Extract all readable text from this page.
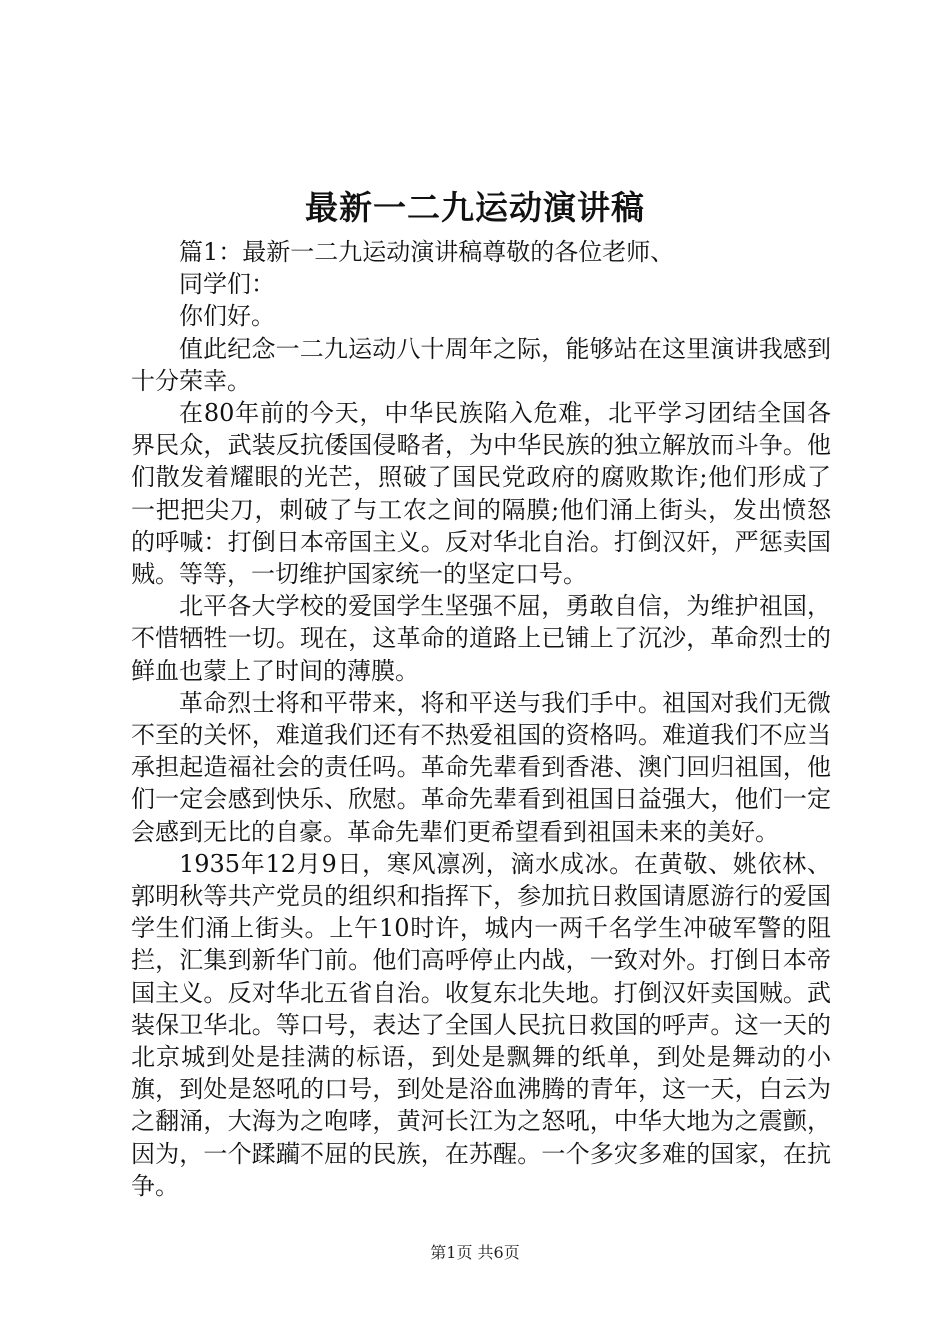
最新一二九运动演讲稿

篇1：最新一二九运动演讲稿尊敬的各位老师、

同学们：

你们好。

值此纪念一二九运动八十周年之际，能够站在这里演讲我感到十分荣幸。

在80年前的今天，中华民族陷入危难，北平学习团结全国各界民众，武装反抗倭国侵略者，为中华民族的独立解放而斗争。他们散发着耀眼的光芒，照破了国民党政府的腐败欺诈;他们形成了一把把尖刀，刺破了与工农之间的隔膜;他们涌上街头，发出愤怒的呼喊：打倒日本帝国主义。反对华北自治。打倒汉奸，严惩卖国贼。等等，一切维护国家统一的坚定口号。

北平各大学校的爱国学生坚强不屈，勇敢自信，为维护祖国，不惜牺牲一切。现在，这革命的道路上已铺上了沉沙，革命烈士的鲜血也蒙上了时间的薄膜。

革命烈士将和平带来，将和平送与我们手中。祖国对我们无微不至的关怀，难道我们还有不热爱祖国的资格吗。难道我们不应当承担起造福社会的责任吗。革命先辈看到香港、澳门回归祖国，他们一定会感到快乐、欣慰。革命先辈看到祖国日益强大，他们一定会感到无比的自豪。革命先辈们更希望看到祖国未来的美好。

1935年12月9日，寒风凛冽，滴水成冰。在黄敬、姚依林、郭明秋等共产党员的组织和指挥下，参加抗日救国请愿游行的爱国学生们涌上街头。上午10时许，城内一两千名学生冲破军警的阻拦，汇集到新华门前。他们高呼停止内战，一致对外。打倒日本帝国主义。反对华北五省自治。收复东北失地。打倒汉奸卖国贼。武装保卫华北。等口号，表达了全国人民抗日救国的呼声。这一天的北京城到处是挂满的标语，到处是飘舞的纸单，到处是舞动的小旗，到处是怒吼的口号，到处是浴血沸腾的青年，这一天，白云为之翻涌，大海为之咆哮，黄河长江为之怒吼，中华大地为之震颤，因为，一个蹂躏不屈的民族，在苏醒。一个多灾多难的国家，在抗争。

第1页 共6页
